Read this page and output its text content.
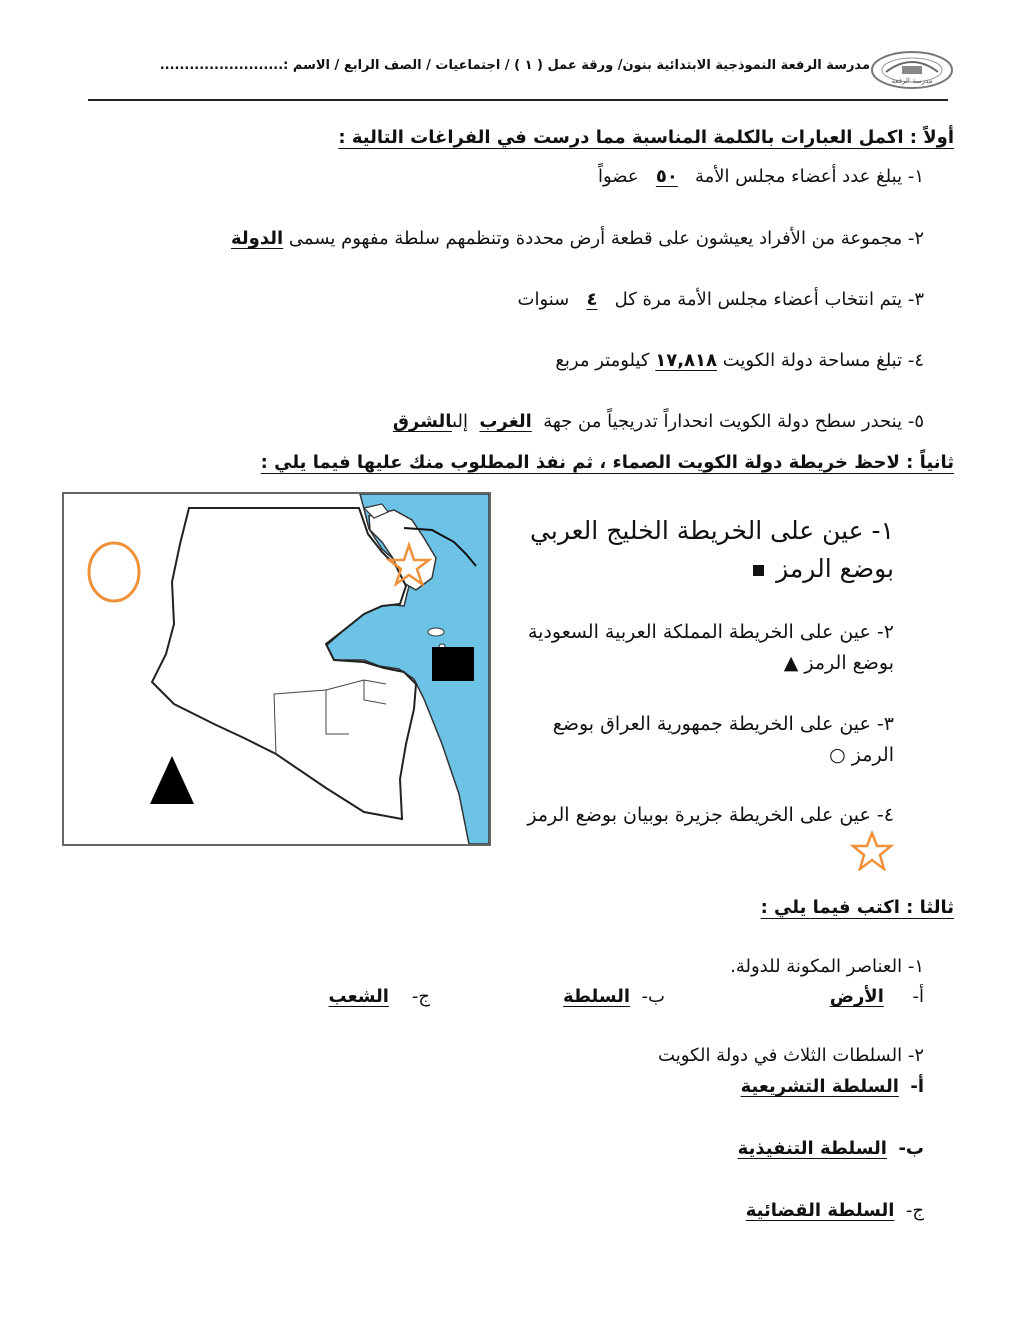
مدرسة الرفعة
مدرسة الرفعة النموذجية الابتدائية بنون/ ورقة عمل ( ١ ) / اجتماعيات / الصف الرابع / الاسم :.........................
أولاً : اكمل العبارات بالكلمة المناسبة مما درست في الفراغات التالية :
١- يبلغ عدد أعضاء مجلس الأمة   ٥٠   عضواً
٢- مجموعة من الأفراد يعيشون على قطعة أرض محددة وتنظمهم سلطة مفهوم يسمى الدولة
٣- يتم انتخاب أعضاء مجلس الأمة مرة كل   ٤   سنوات
٤- تبلغ مساحة دولة الكويت ١٧,٨١٨ كيلومتر مربع
٥- ينحدر سطح دولة الكويت انحداراً تدريجياً من جهة  الغرب  إلىالشرق
ثانياً : لاحظ خريطة دولة الكويت الصماء ، ثم نفذ المطلوب منك عليها فيما يلي :
١- عين على الخريطة الخليج العربي بوضع الرمز
٢- عين على الخريطة المملكة العربية السعودية بوضع الرمز ▲
٣- عين على الخريطة جمهورية العراق بوضع الرمز ○
٤- عين على الخريطة جزيرة بوبيان بوضع الرمز
ثالثا : اكتب فيما يلي :
١- العناصر المكونة للدولة.
أ-     الأرض
ب-  السلطة
ج-    الشعب
٢- السلطات الثلاث في دولة الكويت
أ-  السلطة التشريعية
ب-  السلطة التنفيذية
ج-  السلطة القضائية
